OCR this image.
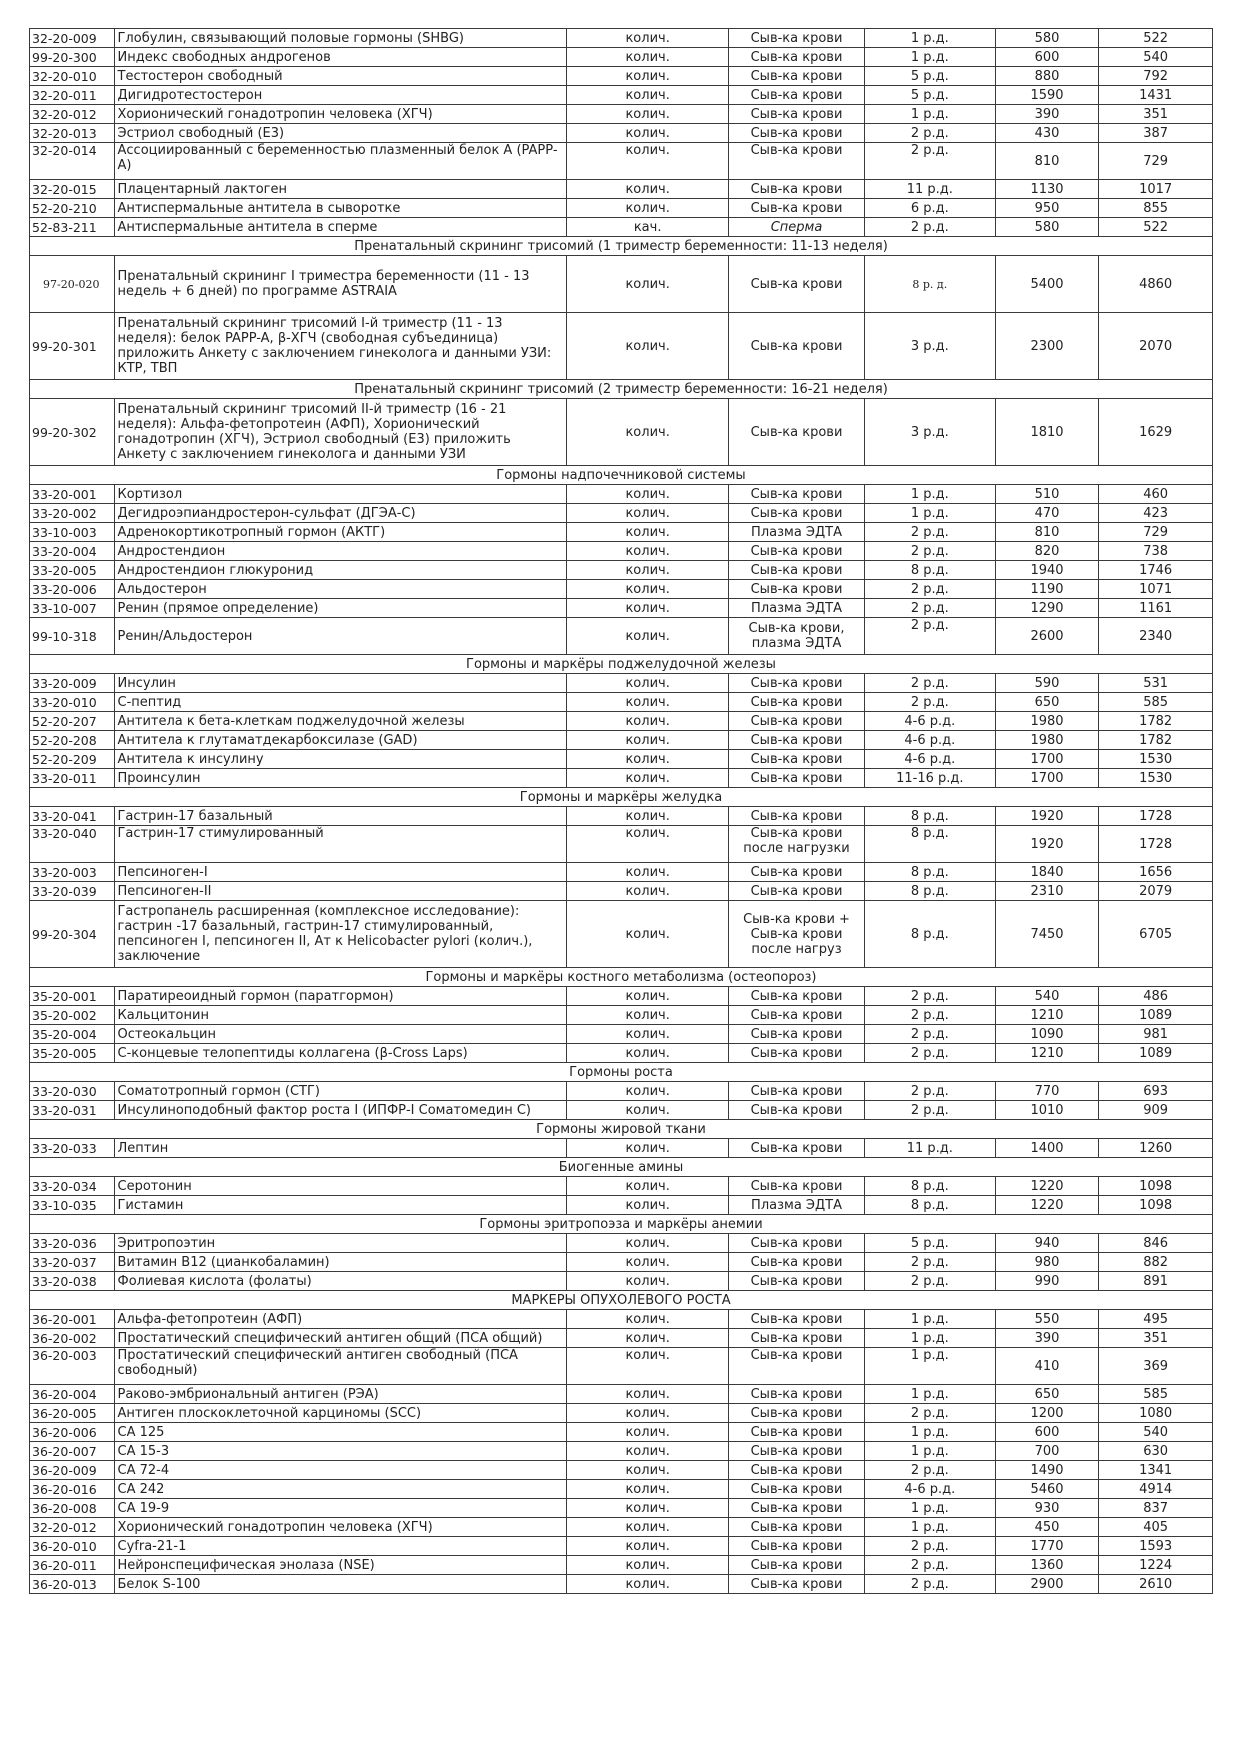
32-20-009	Глобулин, связывающий половые гормоны (SHBG)	колич.	Сыв-ка крови	1 р.д.	580	522
99-20-300	Индекс свободных андрогенов	колич.	Сыв-ка крови	1 р.д.	600	540
32-20-010	Тестостерон свободный	колич.	Сыв-ка крови	5 р.д.	880	792
32-20-011	Дигидротестостерон	колич.	Сыв-ка крови	5 р.д.	1590	1431
32-20-012	Хорионический гонадотропин человека (ХГЧ)	колич.	Сыв-ка крови	1 р.д.	390	351
32-20-013	Эстриол свободный (Е3)	колич.	Сыв-ка крови	2 р.д.	430	387
32-20-014	Ассоциированный с беременностью плазменный белок А (PAPP-A)	колич.	Сыв-ка крови	2 р.д.	810	729
32-20-015	Плацентарный лактоген	колич.	Сыв-ка крови	11 р.д.	1130	1017
52-20-210	Антиспермальные антитела в сыворотке	колич.	Сыв-ка крови	6 р.д.	950	855
52-83-211	Антиспермальные антитела в сперме	кач.	Сперма	2 р.д.	580	522
Пренатальный скрининг трисомий (1 триместр беременности: 11-13 неделя)						
97-20-020	Пренатальный скрининг I триместра беременности (11 - 13 недель + 6 дней) по программе ASTRAIA	колич.	Сыв-ка крови	8 р. д.	5400	4860
99-20-301	Пренатальный скрининг трисомий I-й триместр (11 - 13 неделя): белок PAPP-A, β-ХГЧ (свободная субъединица) приложить Анкету с заключением гинеколога и данными УЗИ: КТР, ТВП	колич.	Сыв-ка крови	3 р.д.	2300	2070
Пренатальный скрининг трисомий (2 триместр беременности: 16-21 неделя)						
99-20-302	Пренатальный скрининг трисомий II-й триместр (16 - 21 неделя): Альфа-фетопротеин (АФП), Хорионический гонадотропин (ХГЧ), Эстриол свободный (Е3) приложить Анкету с заключением гинеколога и данными УЗИ	колич.	Сыв-ка крови	3 р.д.	1810	1629
Гормоны надпочечниковой системы						
33-20-001	Кортизол	колич.	Сыв-ка крови	1 р.д.	510	460
33-20-002	Дегидроэпиандростерон-сульфат (ДГЭА-С)	колич.	Сыв-ка крови	1 р.д.	470	423
33-10-003	Адренокортикотропный гормон (АКТГ)	колич.	Плазма ЭДТА	2 р.д.	810	729
33-20-004	Андростендион	колич.	Сыв-ка крови	2 р.д.	820	738
33-20-005	Андростендион глюкуронид	колич.	Сыв-ка крови	8 р.д.	1940	1746
33-20-006	Альдостерон	колич.	Сыв-ка крови	2 р.д.	1190	1071
33-10-007	Ренин (прямое определение)	колич.	Плазма ЭДТА	2 р.д.	1290	1161
99-10-318	Ренин/Альдостерон	колич.	Сыв-ка крови, плазма ЭДТА	2 р.д.	2600	2340
Гормоны и маркёры поджелудочной железы						
33-20-009	Инсулин	колич.	Сыв-ка крови	2 р.д.	590	531
33-20-010	С-пептид	колич.	Сыв-ка крови	2 р.д.	650	585
52-20-207	Антитела к бета-клеткам поджелудочной железы	колич.	Сыв-ка крови	4-6 р.д.	1980	1782
52-20-208	Антитела к глутаматдекарбоксилазе (GAD)	колич.	Сыв-ка крови	4-6 р.д.	1980	1782
52-20-209	Антитела к инсулину	колич.	Сыв-ка крови	4-6 р.д.	1700	1530
33-20-011	Проинсулин	колич.	Сыв-ка крови	11-16 р.д.	1700	1530
Гормоны и маркёры желудка						
33-20-041	Гастрин-17 базальный	колич.	Сыв-ка крови	8 р.д.	1920	1728
33-20-040	Гастрин-17 стимулированный	колич.	Сыв-ка крови после нагрузки	8 р.д.	1920	1728
33-20-003	Пепсиноген-I	колич.	Сыв-ка крови	8 р.д.	1840	1656
33-20-039	Пепсиноген-II	колич.	Сыв-ка крови	8 р.д.	2310	2079
99-20-304	Гастропанель расширенная (комплексное исследование): гастрин -17 базальный, гастрин-17 стимулированный, пепсиноген I, пепсиноген II, Ат к Helicobacter pylori (колич.), заключение	колич.	Сыв-ка крови + Сыв-ка крови после нагруз	8 р.д.	7450	6705
Гормоны и маркёры костного метаболизма (остеопороз)						
35-20-001	Паратиреоидный гормон (паратгормон)	колич.	Сыв-ка крови	2 р.д.	540	486
35-20-002	Кальцитонин	колич.	Сыв-ка крови	2 р.д.	1210	1089
35-20-004	Остеокальцин	колич.	Сыв-ка крови	2 р.д.	1090	981
35-20-005	С-концевые телопептиды коллагена (β-Cross Laps)	колич.	Сыв-ка крови	2 р.д.	1210	1089
Гормоны роста						
33-20-030	Соматотропный гормон (СТГ)	колич.	Сыв-ка крови	2 р.д.	770	693
33-20-031	Инсулиноподобный фактор роста I (ИПФР-I Соматомедин С)	колич.	Сыв-ка крови	2 р.д.	1010	909
Гормоны жировой ткани						
33-20-033	Лептин	колич.	Сыв-ка крови	11 р.д.	1400	1260
Биогенные амины						
33-20-034	Серотонин	колич.	Сыв-ка крови	8 р.д.	1220	1098
33-10-035	Гистамин	колич.	Плазма ЭДТА	8 р.д.	1220	1098
Гормоны эритропоэза и маркёры анемии						
33-20-036	Эритропоэтин	колич.	Сыв-ка крови	5 р.д.	940	846
33-20-037	Витамин В12 (цианкобаламин)	колич.	Сыв-ка крови	2 р.д.	980	882
33-20-038	Фолиевая кислота (фолаты)	колич.	Сыв-ка крови	2 р.д.	990	891
МАРКЕРЫ ОПУХОЛЕВОГО РОСТА						
36-20-001	Альфа-фетопротеин (АФП)	колич.	Сыв-ка крови	1 р.д.	550	495
36-20-002	Простатический специфический антиген общий (ПСА общий)	колич.	Сыв-ка крови	1 р.д.	390	351
36-20-003	Простатический специфический антиген свободный (ПСА свободный)	колич.	Сыв-ка крови	1 р.д.	410	369
36-20-004	Раково-эмбриональный антиген (РЭА)	колич.	Сыв-ка крови	1 р.д.	650	585
36-20-005	Антиген плоскоклеточной карциномы (SCC)	колич.	Сыв-ка крови	2 р.д.	1200	1080
36-20-006	СА 125	колич.	Сыв-ка крови	1 р.д.	600	540
36-20-007	СА 15-3	колич.	Сыв-ка крови	1 р.д.	700	630
36-20-009	СА 72-4	колич.	Сыв-ка крови	2 р.д.	1490	1341
36-20-016	СА 242	колич.	Сыв-ка крови	4-6 р.д.	5460	4914
36-20-008	СА 19-9	колич.	Сыв-ка крови	1 р.д.	930	837
32-20-012	Хорионический гонадотропин человека (ХГЧ)	колич.	Сыв-ка крови	1 р.д.	450	405
36-20-010	Cyfra-21-1	колич.	Сыв-ка крови	2 р.д.	1770	1593
36-20-011	Нейронспецифическая энолаза (NSE)	колич.	Сыв-ка крови	2 р.д.	1360	1224
36-20-013	Белок S-100	колич.	Сыв-ка крови	2 р.д.	2900	2610
